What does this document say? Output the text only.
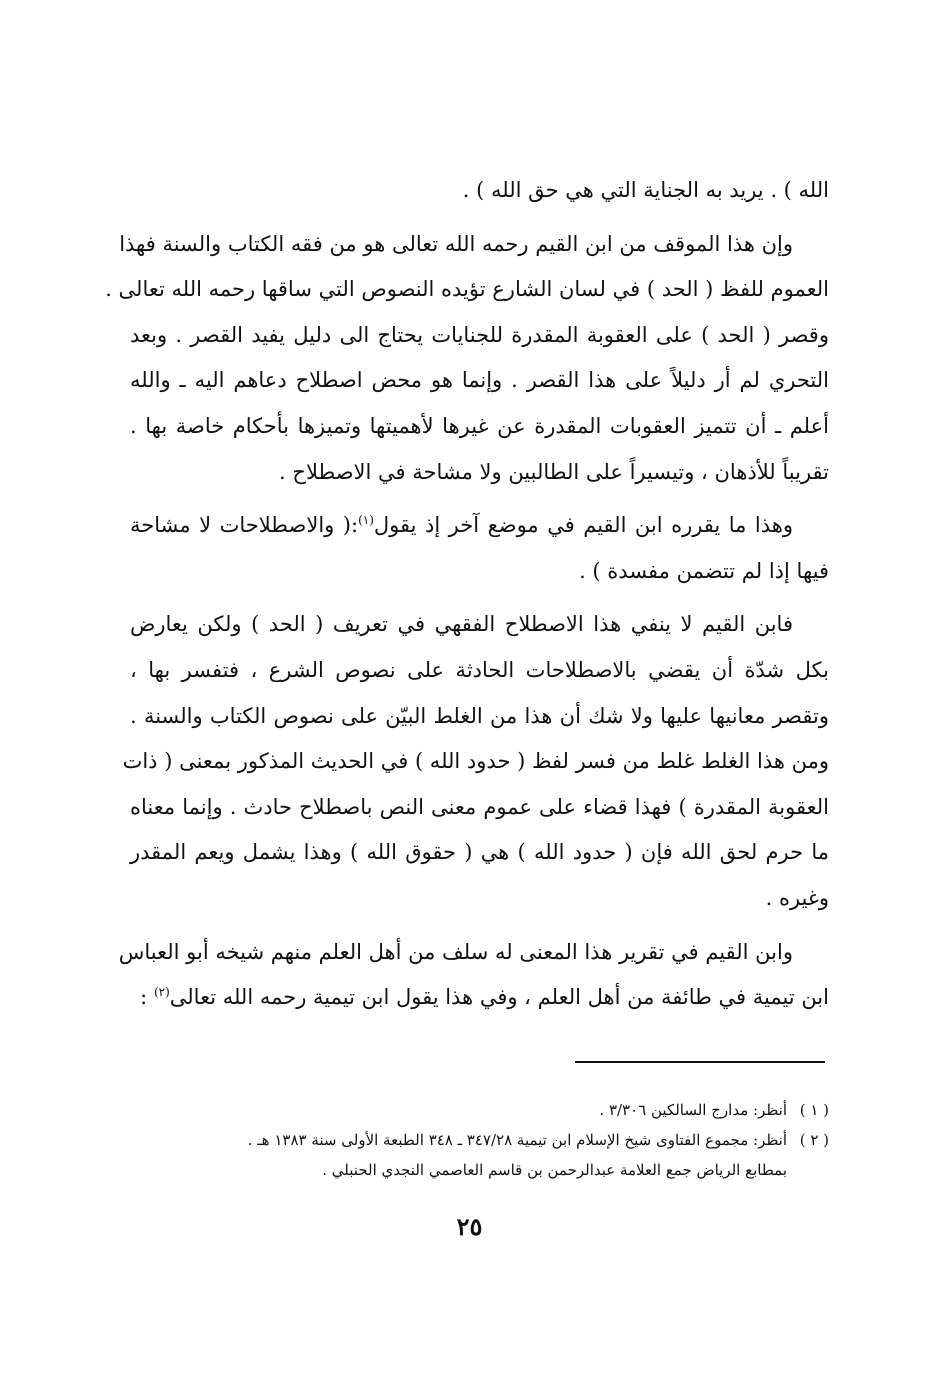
الله ) . يريد به الجناية التي هي حق الله ) .

وإن هذا الموقف من ابن القيم رحمه الله تعالى هو من فقه الكتاب والسنة فهذا
العموم للفظ ( الحد ) في لسان الشارع تؤيده النصوص التي ساقها رحمه الله تعالى .
وقصر ( الحد ) على العقوبة المقدرة للجنايات يحتاج الى دليل يفيد القصر . وبعد
التحري لم أر دليلاً على هذا القصر . وإنما هو محض اصطلاح دعاهم اليه ـ والله
أعلم ـ أن تتميز العقوبات المقدرة عن غيرها لأهميتها وتميزها بأحكام خاصة بها .
تقريباً للأذهان ، وتيسيراً على الطالبين ولا مشاحة في الاصطلاح .

وهذا ما يقرره ابن القيم في موضع آخر إذ يقول$^{(١)}$:( والاصطلاحات لا مشاحة
فيها إذا لم تتضمن مفسدة ) .

فابن القيم لا ينفي هذا الاصطلاح الفقهي في تعريف ( الحد ) ولكن يعارض
بكل شدّة أن يقضي بالاصطلاحات الحادثة على نصوص الشرع ، فتفسر بها ،
وتقصر معانيها عليها ولا شك أن هذا من الغلط البيّن على نصوص الكتاب والسنة .
ومن هذا الغلط غلط من فسر لفظ ( حدود الله ) في الحديث المذكور بمعنى ( ذات
العقوبة المقدرة ) فهذا قضاء على عموم معنى النص باصطلاح حادث . وإنما معناه
ما حرم لحق الله فإن ( حدود الله ) هي ( حقوق الله ) وهذا يشمل ويعم المقدر
وغيره .

وابن القيم في تقرير هذا المعنى له سلف من أهل العلم منهم شيخه أبو العباس
ابن تيمية في طائفة من أهل العلم ، وفي هذا يقول ابن تيمية رحمه الله تعالى$^{(٢)}$ :

( ١ )
أنظر: مدارج السالكين ٣/٣٠٦ .
( ٢ )
أنظر: مجموع الفتاوى شيخ الإسلام ابن تيمية ٣٤٧/٢٨ ـ ٣٤٨ الطبعة الأولى سنة ١٣٨٣ هـ .
بمطابع الرياض جمع العلامة عبدالرحمن بن قاسم العاصمي النجدي الحنبلي .
٢٥
